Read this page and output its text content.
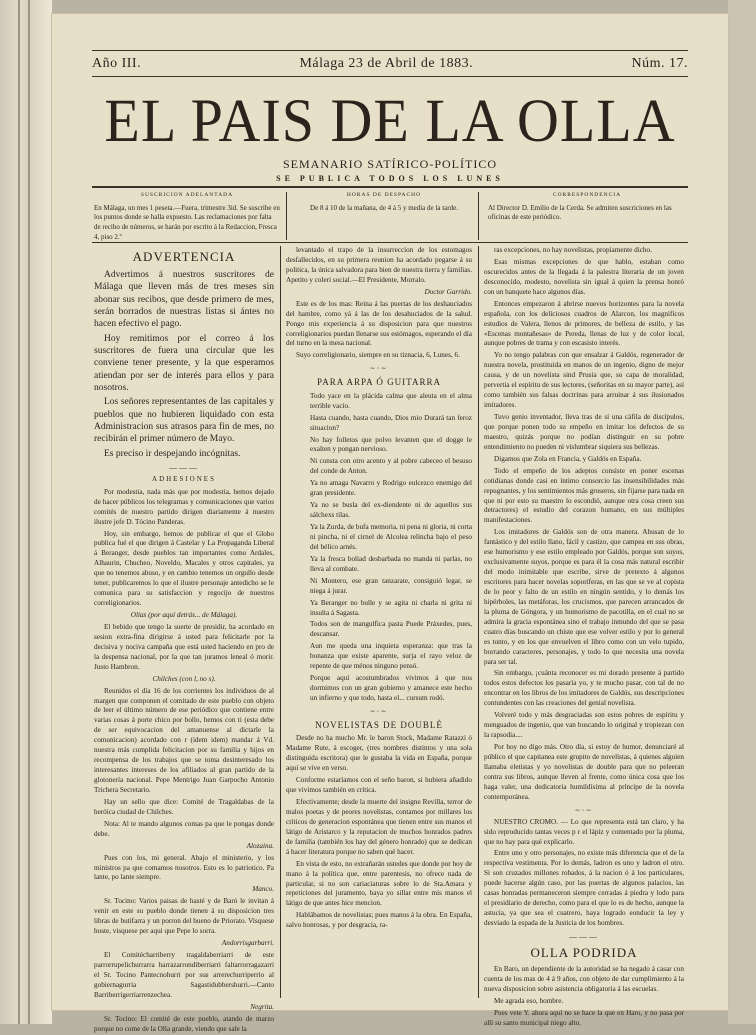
Año III.	Málaga 23 de Abril de 1883.	Núm. 17.
EL PAIS DE LA OLLA
SEMANARIO SATÍRICO-POLÍTICO
SE PUBLICA TODOS LOS LUNES
SUSCRICION ADELANTADA
En Málaga, un mes 1 peseta.—Fuera, trimestre 3id. Se suscribe en los puntos donde se halla expuesto. Las reclamaciones por falta de recibo de números, se harán por escrito á la Redaccion, Fresca 4, piso 2.º
HORAS DE DESPACHO
De 8 á 10 de la mañana, de 4 á 5 y media de la tarde.
CORRESPONDENCIA
Al Director D. Emilio de la Cerda. Se admiten suscriciones en las oficinas de este periódico.
ADVERTENCIA

Advertimos á nuestros suscritores de Málaga que lleven más de tres meses sin abonar sus recibos, que desde primero de mes, serán borrados de nuestras listas si ántes no hacen efectivo el pago.

Hoy remitimos por el correo á los suscritores de fuera una circular que les conviene tener presente, y la que esperamos atiendan por ser de interés para ellos y para nosotros.

Los señores representantes de las capitales y pueblos que no hubieren liquidado con esta Administracion sus atrasos para fin de mes, no recibirán el primer número de Mayo.

Es preciso ir despejando incógnitas.

———
ADHESIONES

Por modestia, nada más que por modestia, hemos dejado de hacer públicos los telegramas y comunicaciones que varios comités de nuestro partido dirigen diariamente á nuestro ilustre jefe D. Tócino Panderas.

Hoy, sin embargo, hemos de publicar el que el Globo publica fué el que dirigen á Castelar y La Propaganda Liberal á Beranger, desde pueblos tan importantes como Ardales, Alhaurin, Chucheo, Noveldo, Macales y otros capitales, ya que no tenemos abuso, y en cambio tenemos un orgullo desde tener, publicaremos lo que el ilustre personaje antedicho se le comunica para su satisfaccion y regocijo de nuestros correligionarios.

Olías (por aquí detrás... de Málaga).

El bebido que tengo la suerte de presidir, ha acordado en sesion extra-fina dirigirse á usted para felicitarle por la decisiva y nociva campaña que está usted haciendo en pro de la despensa nacional, por la que tan juramos leneal ó morir. Justo Hambron.

Chilches (con l, no s).

Reunidos el día 16 de los corrientes los individuos de al margen que componen el comitado de este pueblo con objeto de leer el último número de ese periódico que contiene entre varias cosas á porte chico por bollo, hemos con ti (esta debe de ser equivocacion del amanuense al dictarle la comunicacion) acordado con r (idem idem) mandar á Vd. nuestra más cumplida felicitacion por su familia y hijos en recompensa de los trabajos que se toma desinteresado los interesantes intereses de los afiliados al gran partido de la glotonería nacional. Pepe Mentrigo Juan Garpocho Antonio Trichera Secretario.

Hay un sello que dice: Comité de Tragaldabas de la heróica ciudad de Chilches.

Nota: Al te mando algunos comas pa que le pongas donde debe.

Alozaina.

Pues con los, mi general. Abajo el ministerio, y los ministros pa que comamos nosotros. Esto es lo patriotico. Pa lante, po lante siempre.

Manco.

Sr. Tocino: Varios paisas de hasté y de Baró le invitan á venir en este su pueblo donde tienen á su disposicion tres libras de butifarra y un porron del bueno de Priorato. Visquese hoste, visquese per aqui que Pepe lo sorra.

Andorrisgarbarri.

El Comitécharriberry tragaldaberriarri de este parrorrupelichurrarra harrazarrondiberriarri faltarrorragazarri el Sr. Tocino Pantecnohurri por sus arrerechurriperrio al gobiernagurria Sagastidubbershurri.—Canto Barriberrigerriarrenzechea.

Negrita.

Sr. Tocino: El comité de este pueblo, atando de marzo porque no come de la Olla grande, viendo que sale la

levantado el trapo de la insurreccion de los estomagos desfallecidos, en su primera reunion ha acordado pegarse á su politica, la única salvadora para bien de nuestra tierra y familias. Apetito y coleri social.—El Presidente, Morralo.

Doctor Garrido.

Este es de los mas: Reina á las puertas de los deshauciados del hambre, como yá á las de los desahuciados de la salud. Pongo mis experiencia á su disposicion para que nuestros correligionarios puedan llenarse sus estómagos, esperando el día del turno en la mesa nacional.

Suyo correligionario, siempre en su tiznacia, 6, Lunes, 6.

~·~
PARA ARPA Ó GUITARRA

Todo yace en la plácida calma que aleuta en el alma terrible vacío.

Hasta cuando, hasta cuando, Dios mio Durará tan feroz situacion?

No hay folletos que polvo levanten que el dogge le exalten y pongan nervioso.

Ni consta con otro acento y al pobre cabeceo el besuso del conde de Anton.

Ya no amaga Navarro y Rodrigo eulcezco enemigo del gran presidente.

Ya no se busla del ex-diendente ni de aquellos sus sálchexs tilas.

Ya la Zurda, de bufa memoria, ni pena ni gloria, ni corta ni pincha, ni el cirnel de Alcolea relincha bajo el peso del bélico arnés.

Ya la fresca boliad desbarbada no manda ni parlas, no lleva al combate.

Ni Montero, ese gran tanzarate, consiguió legar, se niega á jurar.

Ya Beranger no bulle y se agita ni charla ni grita ni insulta á Sagasta.

Todos son de mangulfica pasta Puede Práxedes, pues, descansar.

Aun me queda una inquieta esperanza: que tras la bonanza que existe aparente, surja el rayo veloz de repente de que ménos ninguno pensó.

Porque aquí acostumbrados vivimos á que nos dormimos con un gran gobierno y amanece este hecho un infierno y que todo, hasta el... cursum rodó.

~·~
NOVELISTAS DE DOUBLÉ

Desde no ha mucho Mr. le baron Stock, Madame Ratazzi ó Madame Rute, á escoger, (tres nombres distintos y una sola distinguida escritora) que le gustaba la vida en España, porque aquí se vive en verso.

Conforme estaríamos con el seño baron, si hubiera añadido que vivimos también en crítica.

Efectivamente; desde la muerte del insigne Revilla, terror de malos poetas y de peores novelistas, contamos por millares los críticos de generacion espontánea que tienen entre sus manos el látigo de Aristarco y la reputacion de muchos honrados padres de familia (también los hay del género honrado) que se dedican á hacer literatura porque no saben qué hacer.

En vista de esto, no extrañarán ustedes que donde por hoy de mano á la política que, entre parentesis, no ofrece nada de particular, si no son cariaciaturas sobre lo de Sta.Amara y repeticiones del juramento, baya yo sillar entre mis manos el látigo de que antes hice mencion.

Hablábamos de novelistas; pues manos á la obra. En España, salvo honrosas, y por desgracia, ra-

ras excepciones, no hay novelistas, propiamente dicho.

Esas mismas excepciones de que hablo, estaban como oscurecidos antes de la llegada á la palestra literaria de un joven desconocido, modesto, novelista sin igual á quien la prensa honró con un banquete hace algunos días.

Entonces empezaron á abrirse nuevos horizontes para la novela española, con los deliciosos cuadros de Alarcon, los magnificos estudios de Valera, llenos de primores, de belleza de estilo, y las «Escenas montañesas» de Pereda, llenas de luz y de color local, aunque pobres de trama y con escasisto interés.

Yo no tengo palabras con que ensalzar á Galdós, regenerador de nuestra novela, prostituida en manos de un ingenio, digno de mejor causa, y de un novelista sind Prusia que, so capa de moralidad, pervertia el espíritu de sus lectores, (señoritas en su mayor parte), así como también sus falsas doctrinas para arruinar á sus ilusionados imitadores.

Tuvo genio inventador, lleva tras de sí una cáfila de discípulos, que porque ponen todo su empeño en imitar los defectos de su maestro, quizás porque no podían distinguir en su pobre entendimiento no pueden ni vislumbrar siquiera sus bellezas.

Digamos que Zola en Francia, y Galdós en España.

Todo el empeño de los adeptos consiste en poner escenas cotidianas donde casi en íntimo consorcio las insensibilidades más repugnantes, y los sentimientos más groseros, sin fijarse para nada en que ni por esto su maestro lo escondió, aunque otra cosa creen sus detractores) el estudio del corazon humano, en sus múltiples manifestaciones.

Los imitadores de Galdós son de otra manera. Abusan de lo fantástico y del estilo llano, fácil y castizo, que campea en sus obras, ese humorismo y ese estilo empleado por Galdós, porque son suyos, exclusivamente suyos, porque es para él la cosa más natural escribir del modo inimitable que escribe, sirve de pretexto á algunos escritores para hacer novelas soporíferas, en las que se ve al copista de lo peor y falto de un estilo en ningún sentido, y lo demás los hipérboles, las metáforas, los crucismos, que parecen arrancados de la pluma de Góngora, y un humorismo de pacotilla, en el cual no se admira la gracia espontánea sino el trabajo inmundo del que se pasa cuatro días buscando un chiste que ese volver estilo y por lo general es tonto, y en los que envuelven el libro como con un velo tupido, borrando caracteres, personajes, y todo lo que necesita una novela para ser tal.

Sin embargo, ¡cuánta reconocer es mi dorado presente á partido todos estos defectos los pasaría yo, y te mucho pasar, con tal de no encontrar en los libros de los imitadores de Galdós, sus descripciones contundentes con las creaciones del genial novelista.

Volveré todo y más desgraciadas son estos pobres de espíritu y menguados de ingenio, que van buscando lo original y tropiezan con la rapsodia....

Por hoy no digo más. Otro día, si estoy de humor, denunciaré al público el que capitanea este grupito de novelistas, á quienes alguien llamaba eletistas y yo novelistas de double para que no peleeran contra sus libros, aunque lleven al frente, como única cosa que los haga valer, una dedicatoria humildísima al príncipe de la novela contemporánea.

~·~

NUESTRO CROMO. — Lo que representa está tan claro, y ha sido reproducido tantas veces p r el lápiz y comentado por la pluma, que no hay para qué explicarlo.

Entre uno y otro personajes, no existe más diferencia que el de la respectiva vestimenta. Por lo demás, ladron es uno y ladron el otro. Si son cruzados millones robados, á la nacion ó á los particulares, puede hacerse algún caso, por las puertas de algunos palacios, las casas honradas permaneceron siempre cerradas á piedra y lodo para el presidiario de derecho, como para el que lo es de hecho, aunque la astucia, ya que sea el cuatrero, haya logrado eonducir la ley y desviado la espada de la Justicia de los hombres.

———
OLLA PODRIDA

En Baro, un dependiente de la autoridad se ha negado á casar con cuenta de los mas de 4 á 9 años, con objeto de dar cumplimiento á la nueva disposicion sobre asistencia obligatoria á las escuelas.

Me agrada eso, hombre.

Pues vete Y. ahora aquí no se hace la que en Haro, y no pasa por allí su santo municipal niego alto.
